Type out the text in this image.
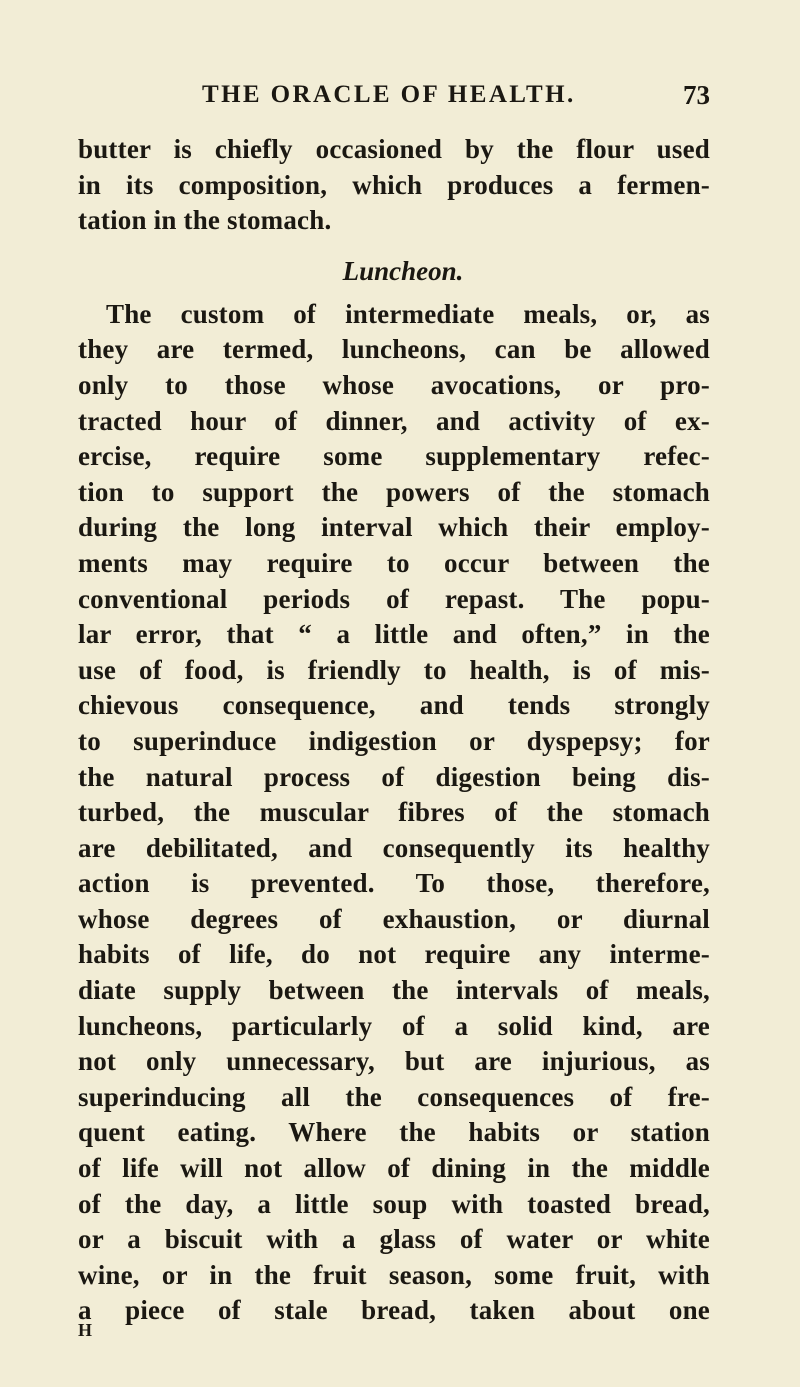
THE ORACLE OF HEALTH.	73
butter is chiefly occasioned by the flour used
in its composition, which produces a fermen-
tation in the stomach.
Luncheon.
The custom of intermediate meals, or, as
they are termed, luncheons, can be allowed
only to those whose avocations, or pro-
tracted hour of dinner, and activity of ex-
ercise, require some supplementary refec-
tion to support the powers of the stomach
during the long interval which their employ-
ments may require to occur between the
conventional periods of repast. The popu-
lar error, that “ a little and often,” in the
use of food, is friendly to health, is of mis-
chievous consequence, and tends strongly
to superinduce indigestion or dyspepsy; for
the natural process of digestion being dis-
turbed, the muscular fibres of the stomach
are debilitated, and consequently its healthy
action is prevented. To those, therefore,
whose degrees of exhaustion, or diurnal
habits of life, do not require any interme-
diate supply between the intervals of meals,
luncheons, particularly of a solid kind, are
not only unnecessary, but are injurious, as
superinducing all the consequences of fre-
quent eating. Where the habits or station
of life will not allow of dining in the middle
of the day, a little soup with toasted bread,
or a biscuit with a glass of water or white
wine, or in the fruit season, some fruit, with
a piece of stale bread, taken about one
H
